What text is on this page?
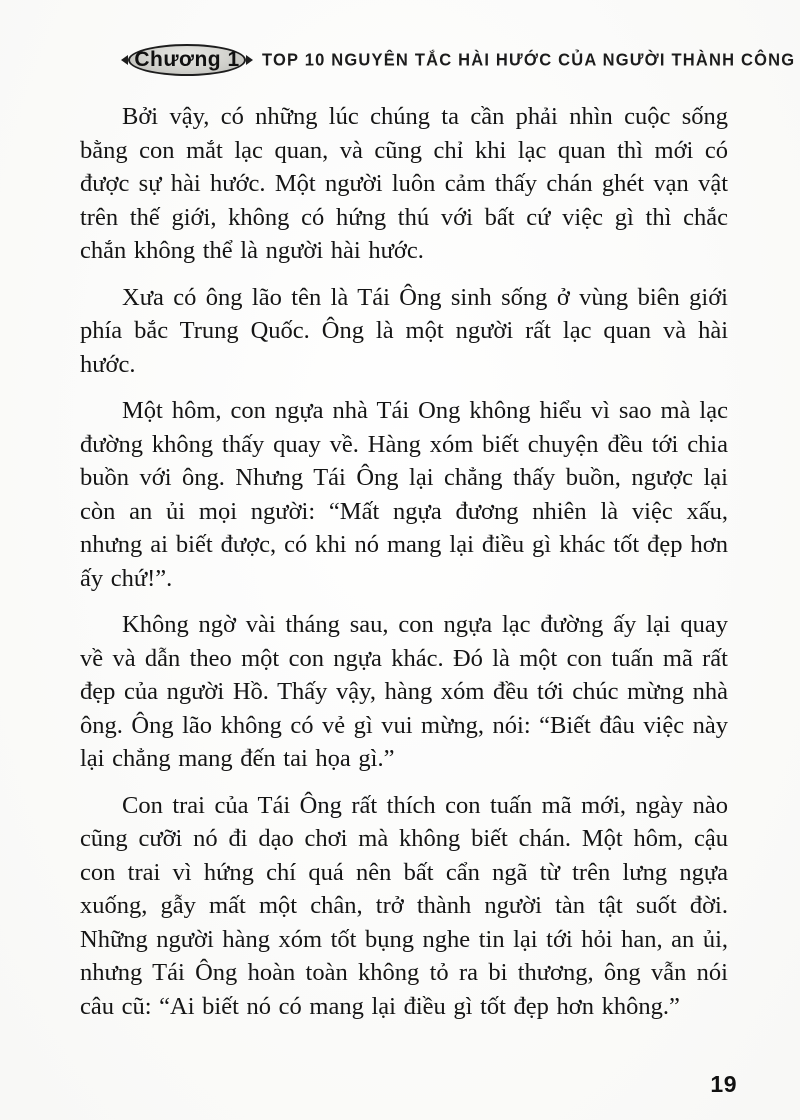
Chương 1	TOP 10 NGUYÊN TẮC HÀI HƯỚC CỦA NGƯỜI THÀNH CÔNG

Bởi vậy, có những lúc chúng ta cần phải nhìn cuộc sống bằng con mắt lạc quan, và cũng chỉ khi lạc quan thì mới có được sự hài hước. Một người luôn cảm thấy chán ghét vạn vật trên thế giới, không có hứng thú với bất cứ việc gì thì chắc chắn không thể là người hài hước.

Xưa có ông lão tên là Tái Ông sinh sống ở vùng biên giới phía bắc Trung Quốc. Ông là một người rất lạc quan và hài hước.

Một hôm, con ngựa nhà Tái Ong không hiểu vì sao mà lạc đường không thấy quay về. Hàng xóm biết chuyện đều tới chia buồn với ông. Nhưng Tái Ông lại chẳng thấy buồn, ngược lại còn an ủi mọi người: “Mất ngựa đương nhiên là việc xấu, nhưng ai biết được, có khi nó mang lại điều gì khác tốt đẹp hơn ấy chứ!”.

Không ngờ vài tháng sau, con ngựa lạc đường ấy lại quay về và dẫn theo một con ngựa khác. Đó là một con tuấn mã rất đẹp của người Hồ. Thấy vậy, hàng xóm đều tới chúc mừng nhà ông. Ông lão không có vẻ gì vui mừng, nói: “Biết đâu việc này lại chẳng mang đến tai họa gì.”

Con trai của Tái Ông rất thích con tuấn mã mới, ngày nào cũng cưỡi nó đi dạo chơi mà không biết chán. Một hôm, cậu con trai vì hứng chí quá nên bất cẩn ngã từ trên lưng ngựa xuống, gẫy mất một chân, trở thành người tàn tật suốt đời. Những người hàng xóm tốt bụng nghe tin lại tới hỏi han, an ủi, nhưng Tái Ông hoàn toàn không tỏ ra bi thương, ông vẫn nói câu cũ: “Ai biết nó có mang lại điều gì tốt đẹp hơn không.”

19
